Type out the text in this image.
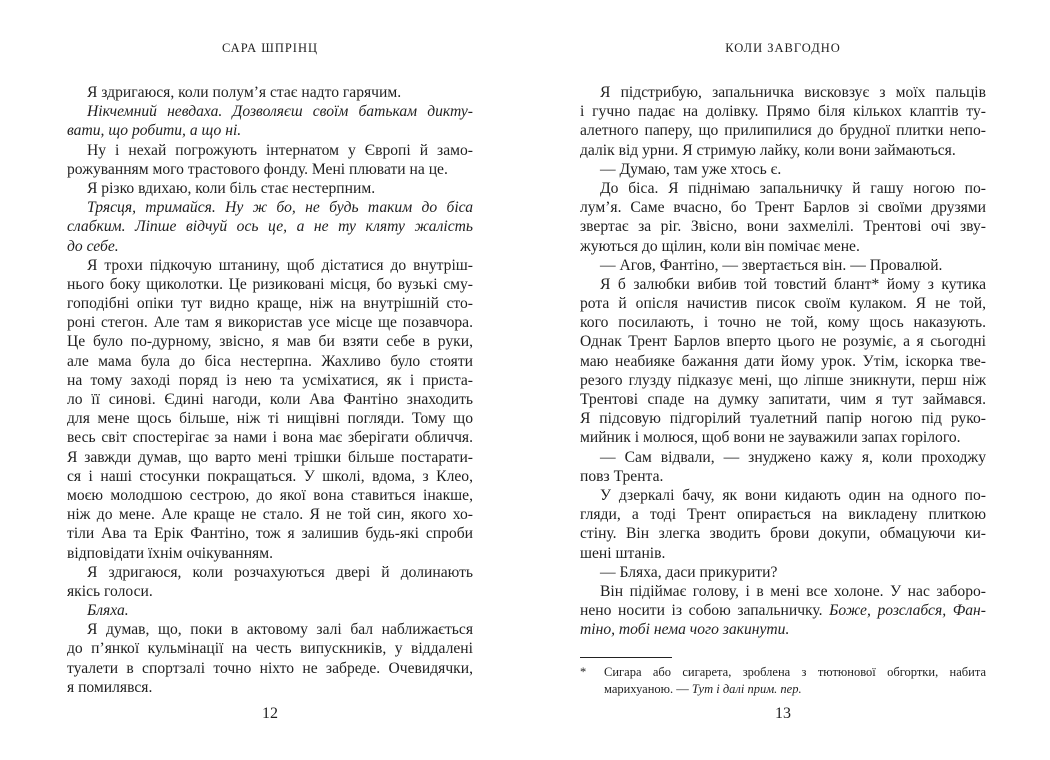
САРА ШПРІНЦ
Я здригаюся, коли полум’я стає надто гарячим.
Нікчемний невдаха. Дозволяєш своїм батькам дикту-
вати, що робити, а що ні.
Ну і нехай погрожують інтернатом у Європі й замо-
рожуванням мого трастового фонду. Мені плювати на це.
Я різко вдихаю, коли біль стає нестерпним.
Трясця, тримайся. Ну ж бо, не будь таким до біса
слабким. Ліпше відчуй ось це, а не ту кляту жалість
до себе.
Я трохи підкочую штанину, щоб дістатися до внутріш-
нього боку щиколотки. Це ризиковані місця, бо вузькі сму-
гоподібні опіки тут видно краще, ніж на внутрішній сто-
роні стегон. Але там я використав усе місце ще позавчора.
Це було по-дурному, звісно, я мав би взяти себе в руки,
але мама була до біса нестерпна. Жахливо було стояти
на тому заході поряд із нею та усміхатися, як і приста-
ло її синові. Єдині нагоди, коли Ава Фантіно знаходить
для мене щось більше, ніж ті нищівні погляди. Тому що
весь світ спостерігає за нами і вона має зберігати обличчя.
Я завжди думав, що варто мені трішки більше постарати-
ся і наші стосунки покращаться. У школі, вдома, з Клео,
моєю молодшою сестрою, до якої вона ставиться інакше,
ніж до мене. Але краще не стало. Я не той син, якого хо-
тіли Ава та Ерік Фантіно, тож я залишив будь-які спроби
відповідати їхнім очікуванням.
Я здригаюся, коли розчахуються двері й долинають
якісь голоси.
Бляха.
Я думав, що, поки в актовому залі бал наближається
до п’янкої кульмінації на честь випускників, у віддалені
туалети в спортзалі точно ніхто не забреде. Очевидячки,
я помилявся.
12
КОЛИ ЗАВГОДНО
Я підстрибую, запальничка висковзує з моїх пальців
і гучно падає на долівку. Прямо біля кількох клаптів ту-
алетного паперу, що прилипилися до брудної плитки непо-
далік від урни. Я стримую лайку, коли вони займаються.
— Думаю, там уже хтось є.
До біса. Я піднімаю запальничку й гашу ногою по-
лум’я. Саме вчасно, бо Трент Барлов зі своїми друзями
звертає за ріг. Звісно, вони захмелілі. Трентові очі зву-
жуються до щілин, коли він помічає мене.
— Агов, Фантіно, — звертається він. — Провалюй.
Я б залюбки вибив той товстий блант* йому з кутика
рота й опісля начистив писок своїм кулаком. Я не той,
кого посилають, і точно не той, кому щось наказують.
Однак Трент Барлов вперто цього не розуміє, а я сьогодні
маю неабияке бажання дати йому урок. Утім, іскорка тве-
резого глузду підказує мені, що ліпше зникнути, перш ніж
Трентові спаде на думку запитати, чим я тут займався.
Я підсовую підгорілий туалетний папір ногою під руко-
мийник і молюся, щоб вони не зауважили запах горілого.
— Сам відвали, — знуджено кажу я, коли проходжу
повз Трента.
У дзеркалі бачу, як вони кидають один на одного по-
гляди, а тоді Трент опирається на викладену плиткою
стіну. Він злегка зводить брови докупи, обмацуючи ки-
шені штанів.
— Бляха, даси прикурити?
Він підіймає голову, і в мені все холоне. У нас заборо-
нено носити із собою запальничку. Боже, розслабся, Фан-
тіно, тобі нема чого закинути.
*	Сигара або сигарета, зроблена з тютюнової обгортки, набита
марихуаною. — Тут і далі прим. пер.
13
